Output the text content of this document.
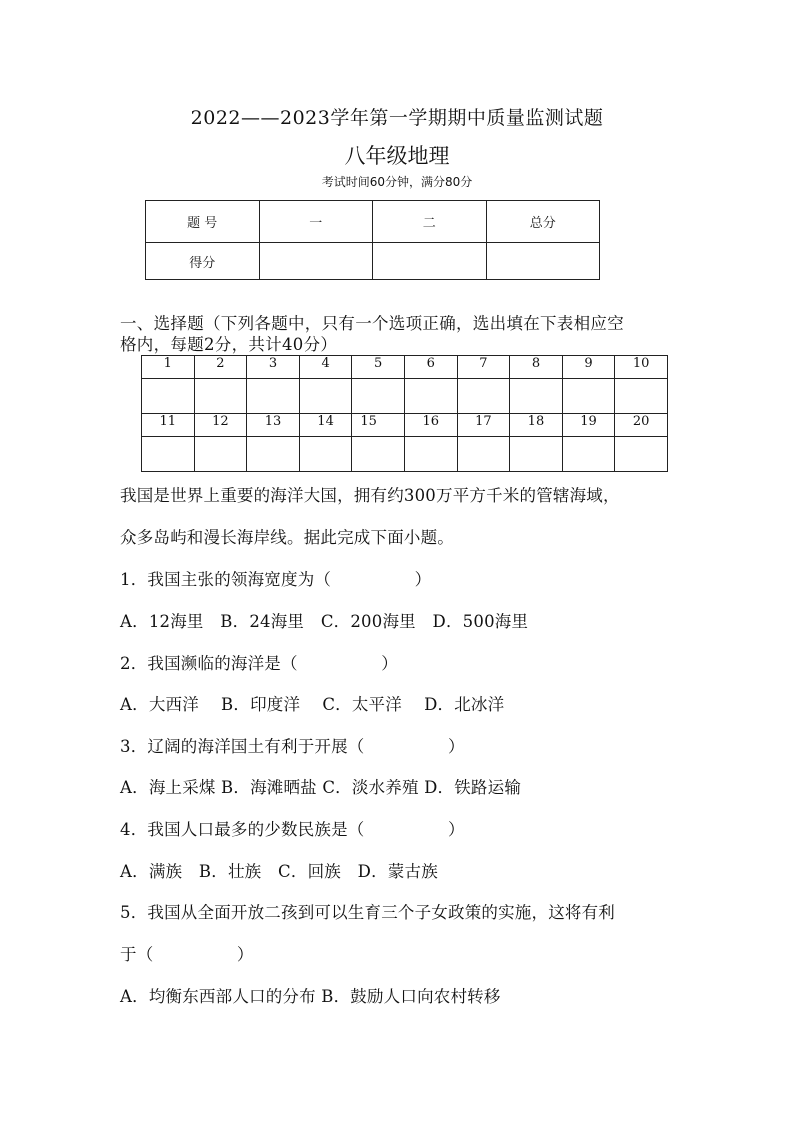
2022——2023学年第一学期期中质量监测试题
八年级地理
考试时间60分钟，满分80分
题 号	一	二	总分
得分			
一、选择题（下列各题中，只有一个选项正确，选出填在下表相应空
格内，每题2分，共计40分）
1	2	3	4	5	6	7	8	9	10

11	12	13	14	15	16	17	18	19	20

我国是世界上重要的海洋大国，拥有约300万平方千米的管辖海域，
众多岛屿和漫长海岸线。据此完成下面小题。
1．我国主张的领海宽度为（　　　　　）
A．12海里　B．24海里　C．200海里　D．500海里
2．我国濒临的海洋是（　　　　　）
A．大西洋　 B．印度洋　 C．太平洋　 D．北冰洋
3．辽阔的海洋国土有利于开展（　　　　　）
A．海上采煤 B．海滩晒盐 C．淡水养殖 D．铁路运输
4．我国人口最多的少数民族是（　　　　　）
A．满族　B．壮族　C．回族　D．蒙古族
5．我国从全面开放二孩到可以生育三个子女政策的实施，这将有利
于（　　　　　）
A．均衡东西部人口的分布 B．鼓励人口向农村转移
